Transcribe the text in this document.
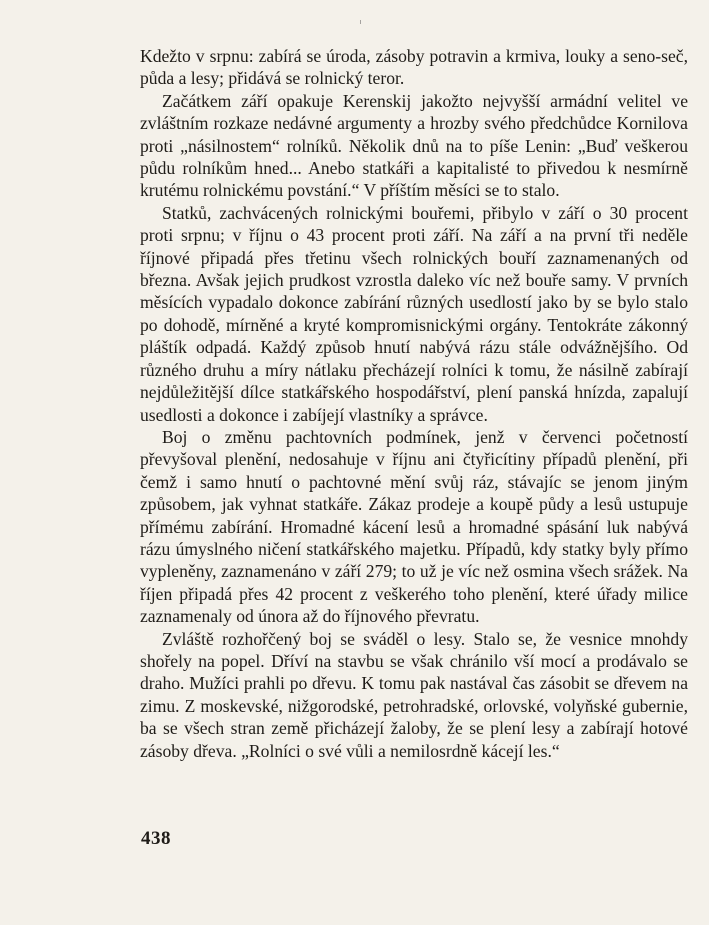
Kdežto v srpnu: zabírá se úroda, zásoby potravin a krmiva, louky a seno-seč, půda a lesy; přidává se rolnický teror.

Začátkem září opakuje Kerenskij jakožto nejvyšší armádní velitel ve zvláštním rozkaze nedávné argumenty a hrozby svého předchůdce Kornilova proti „násilnostem“ rolníků. Několik dnů na to píše Lenin: „Buď veškerou půdu rolníkům hned... Anebo statkáři a kapitalisté to přivedou k nesmírně krutému rolnickému povstání.“ V příštím měsíci se to stalo.

Statků, zachvácených rolnickými bouřemi, přibylo v září o 30 procent proti srpnu; v říjnu o 43 procent proti září. Na září a na první tři neděle říjnové připadá přes třetinu všech rolnických bouří zaznamenaných od března. Avšak jejich prudkost vzrostla daleko víc než bouře samy. V prvních měsících vypadalo dokonce zabírání různých usedlostí jako by se bylo stalo po dohodě, mírněné a kryté kompromisnickými orgány. Tentokráte zákonný pláštík odpadá. Každý způsob hnutí nabývá rázu stále odvážnějšího. Od různého druhu a míry nátlaku přecházejí rolníci k tomu, že násilně zabírají nejdůležitější dílce statkářského hospodářství, plení panská hnízda, zapalují usedlosti a dokonce i zabíjejí vlastníky a správce.

Boj o změnu pachtovních podmínek, jenž v červenci početností převyšoval plenění, nedosahuje v říjnu ani čtyřicítiny případů plenění, při čemž i samo hnutí o pachtovné mění svůj ráz, stávajíc se jenom jiným způsobem, jak vyhnat statkáře. Zákaz prodeje a koupě půdy a lesů ustupuje přímému zabírání. Hromadné kácení lesů a hromadné spásání luk nabývá rázu úmyslného ničení statkářského majetku. Případů, kdy statky byly přímo vypleněny, zaznamenáno v září 279; to už je víc než osmina všech srážek. Na říjen připadá přes 42 procent z veškerého toho plenění, které úřady milice zaznamenaly od února až do říjnového převratu.

Zvláště rozhořčený boj se sváděl o lesy. Stalo se, že vesnice mnohdy shořely na popel. Dříví na stavbu se však chránilo vší mocí a prodávalo se draho. Mužíci prahli po dřevu. K tomu pak nastával čas zásobit se dřevem na zimu. Z moskevské, nižgorodské, petrohradské, orlovské, volyňské gubernie, ba se všech stran země přicházejí žaloby, že se plení lesy a zabírají hotové zásoby dřeva. „Rolníci o své vůli a nemilosrdně kácejí les.“

438
